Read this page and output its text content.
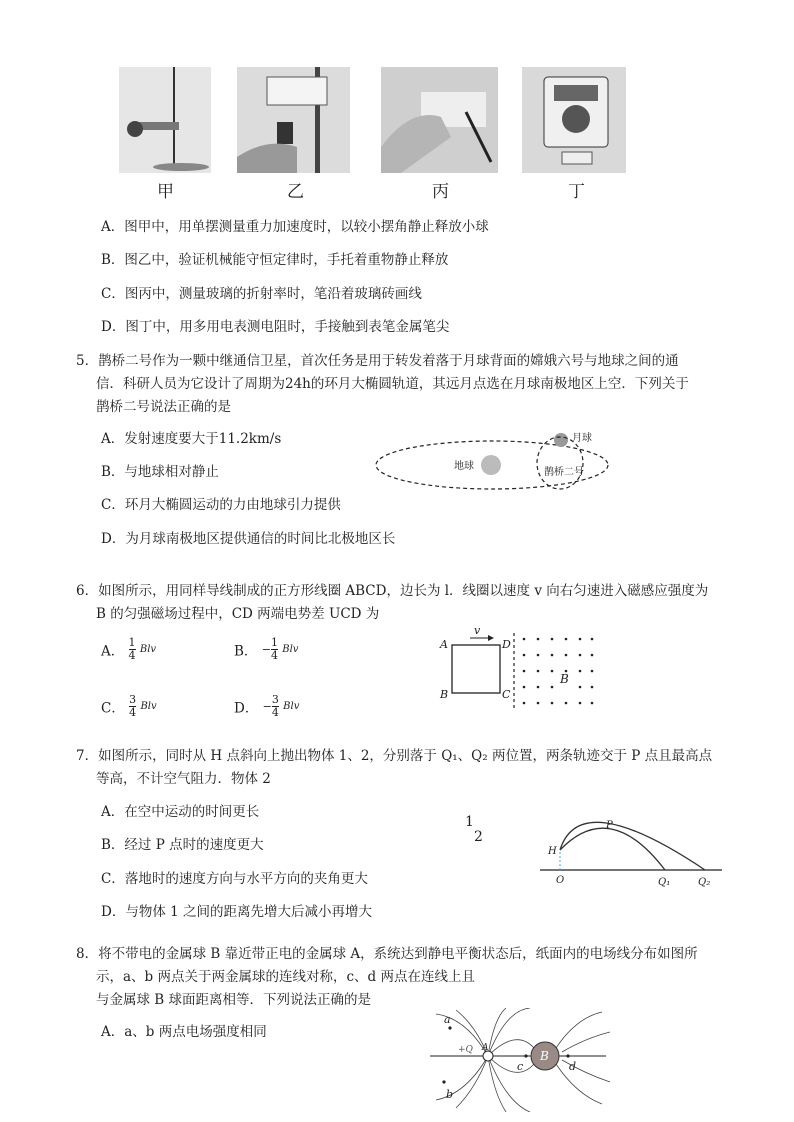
甲	乙	丙	丁
A．图甲中，用单摆测量重力加速度时，以较小摆角静止释放小球
B．图乙中，验证机械能守恒定律时，手托着重物静止释放
C．图丙中，测量玻璃的折射率时，笔沿着玻璃砖画线
D．图丁中，用多用电表测电阻时，手接触到表笔金属笔尖
5．鹊桥二号作为一颗中继通信卫星，首次任务是用于转发着落于月球背面的嫦娥六号与地球之间的通
信．科研人员为它设计了周期为24h的环月大椭圆轨道，其远月点选在月球南极地区上空．下列关于
鹊桥二号说法正确的是
A．发射速度要大于11.2km/s
B．与地球相对静止
C．环月大椭圆运动的力由地球引力提供
D．为月球南极地区提供通信的时间比北极地区长
地球
月球
鹊桥二号
6．如图所示，用同样导线制成的正方形线圈 ABCD，边长为 l．线圈以速度 v 向右匀速进入磁感应强度为
B 的匀强磁场过程中，CD 两端电势差 UCD 为
A． $\frac{1}{4}$ Blv	B． − $\frac{1}{4}$ Blv
C． $\frac{3}{4}$ Blv	D． − $\frac{3}{4}$ Blv
v
A
B	C
D
B
7．如图所示，同时从 H 点斜向上抛出物体 1、2，分别落于 Q₁、Q₂ 两位置，两条轨迹交于 P 点且最高点
等高，不计空气阻力．物体 2
A．在空中运动的时间更长
B．经过 P 点时的速度更大
C．落地时的速度方向与水平方向的夹角更大
D．与物体 1 之间的距离先增大后减小再增大
1
2
H
P
O	Q₁	Q₂
8．将不带电的金属球 B 靠近带正电的金属球 A，系统达到静电平衡状态后，纸面内的电场线分布如图所
示，a、b 两点关于两金属球的连线对称，c、d 两点在连线上且
与金属球 B 球面距离相等．下列说法正确的是
A．a、b 两点电场强度相同
a
b
c	d
+Q A
B
